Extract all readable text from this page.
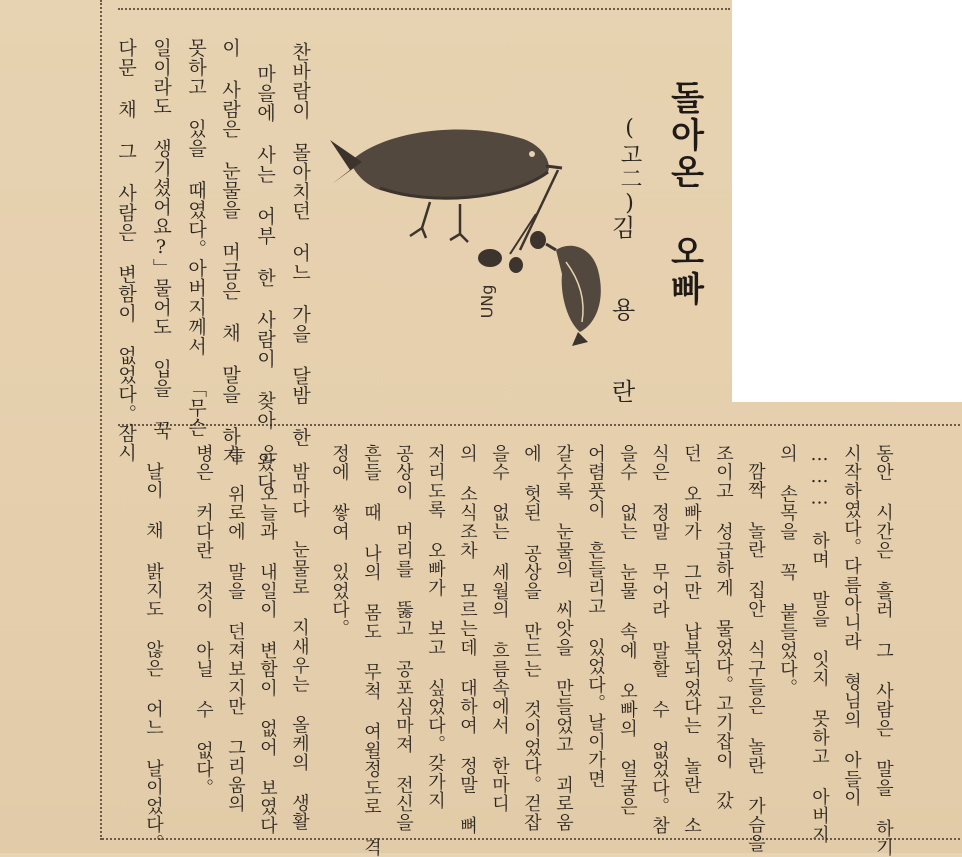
돌아온 오빠
(고二)
김
용
란
UNg
찬바람이 몰아치던 어느 가을 달밤 한
마을에 사는 어부 한 사람이 찾아 왔다
이 사람은 눈물을 머금은 채 말을 하지
못하고 있을 때였다。아버지께서 「무슨
일이라도 생기셨어요?」물어도 입을 꾹
다문 채 그 사람은 변함이 없었다。잠시
동안 시간은 흘러 그 사람은 말을 하기
시작하였다。다름아니라 형님의 아들이
……… 하며 말을 잇지 못하고 아버지
의 손목을 꼭 붙들었다。
깜짝 놀란 집안 식구들은 놀란 가슴을
조이고 성급하게 물었다。고기잡이 갔
던 오빠가 그만 납북되었다는 놀란 소
식은 정말 무어라 말할 수 없었다。참
을수 없는 눈물 속에 오빠의 얼굴은
어렴풋이 흔들리고 있었다。날이가면
갈수록 눈물의 씨앗을 만들었고 괴로움
에 헛된 공상을 만드는 것이었다。걷잡
을수 없는 세월의 흐름속에서 한마디
의 소식조차 모르는데 대하여 정말 뼈
저리도록 오빠가 보고 싶었다。갖가지
공상이 머리를 뚫고 공포심마져 전신을
흔들 때 나의 몸도 무척 여윌정도로 격
정에 쌓여 있었다。
밤마다 눈물로 지새우는 올케의 생활
은 오늘과 내일이 변함이 없어 보였다
늘 위로에 말을 던져보지만 그리움의
병은 커다란 것이 아닐 수 없다。
날이 채 밝지도 않은 어느 날이었다。
